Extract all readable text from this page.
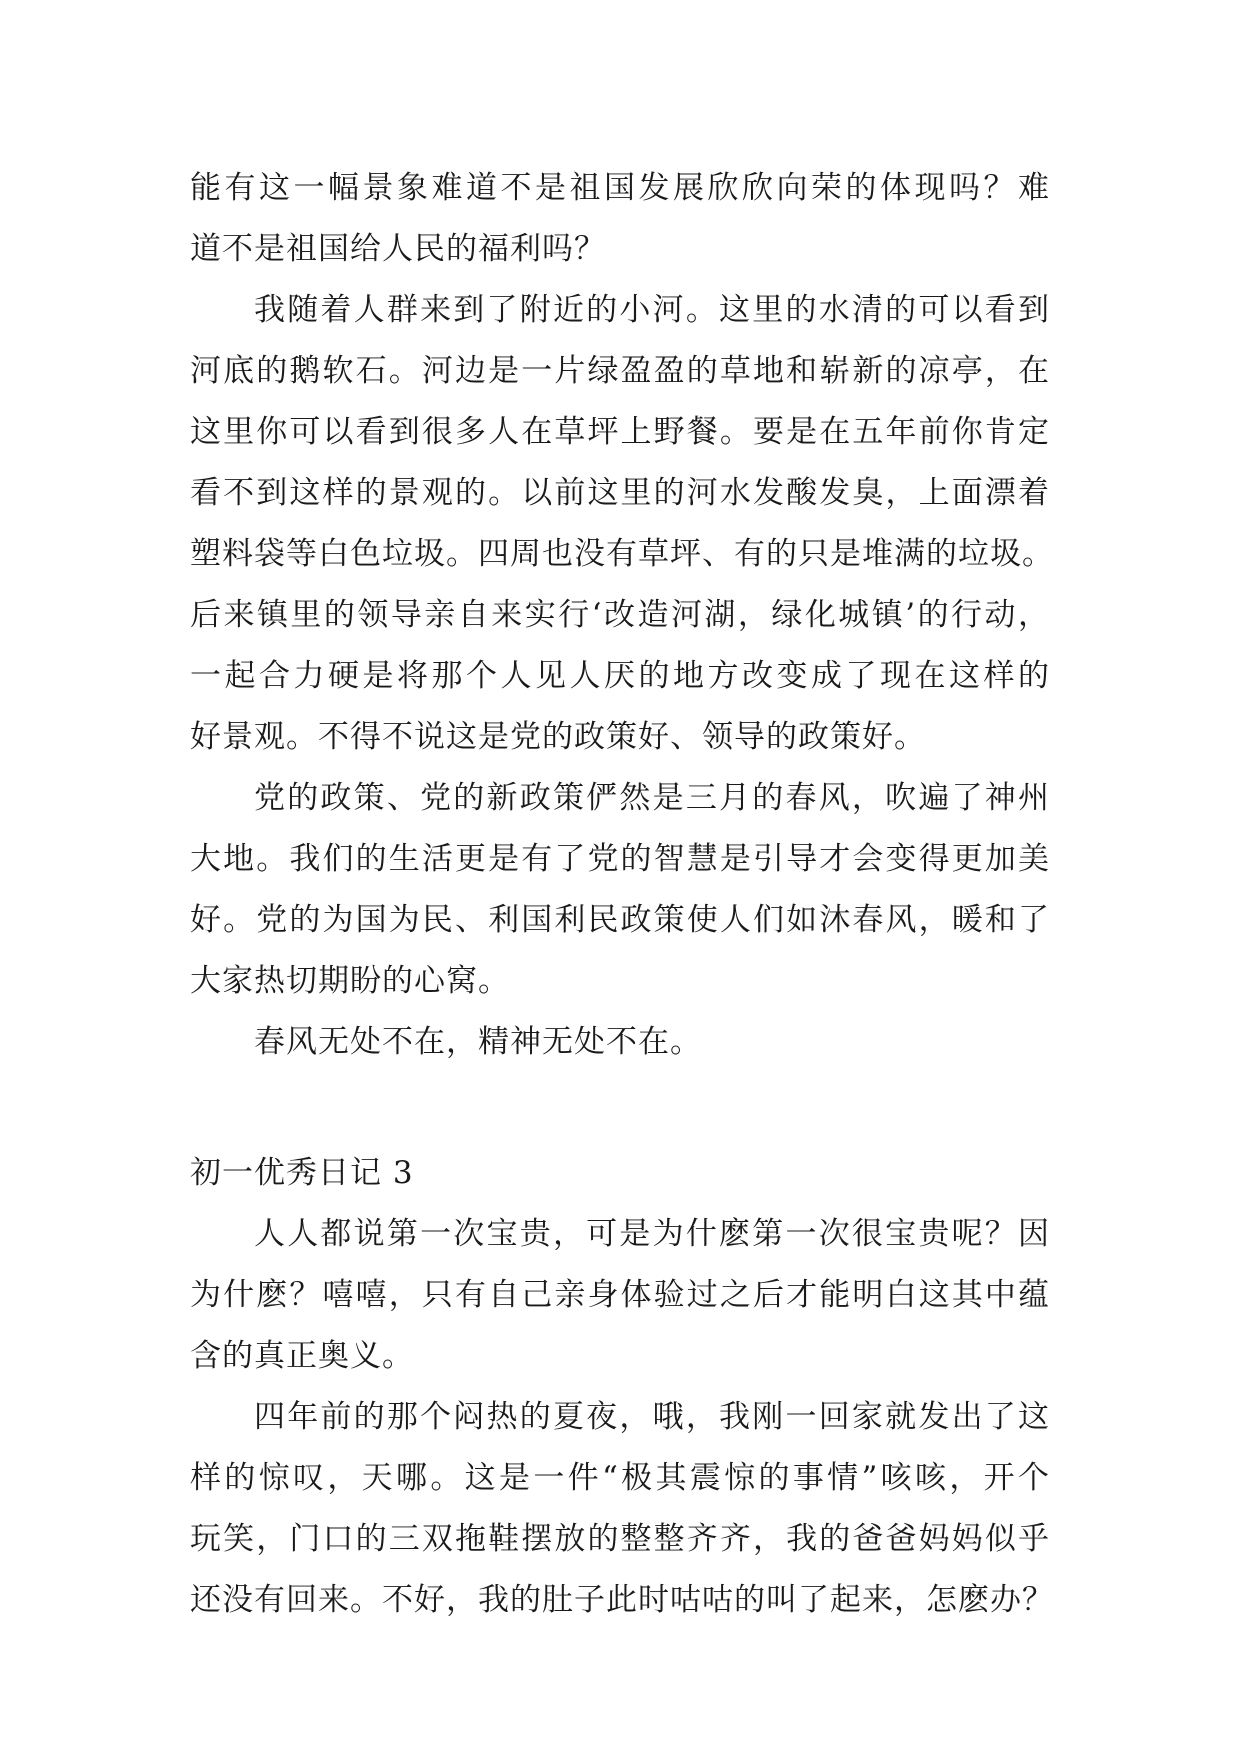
能有这一幅景象难道不是祖国发展欣欣向荣的体现吗？难
道不是祖国给人民的福利吗？
我随着人群来到了附近的小河。这里的水清的可以看到
河底的鹅软石。河边是一片绿盈盈的草地和崭新的凉亭，在
这里你可以看到很多人在草坪上野餐。要是在五年前你肯定
看不到这样的景观的。以前这里的河水发酸发臭，上面漂着
塑料袋等白色垃圾。四周也没有草坪、有的只是堆满的垃圾。
后来镇里的领导亲自来实行‘改造河湖，绿化城镇’的行动，
一起合力硬是将那个人见人厌的地方改变成了现在这样的
好景观。不得不说这是党的政策好、领导的政策好。
党的政策、党的新政策俨然是三月的春风，吹遍了神州
大地。我们的生活更是有了党的智慧是引导才会变得更加美
好。党的为国为民、利国利民政策使人们如沐春风，暖和了
大家热切期盼的心窝。
春风无处不在，精神无处不在。
初一优秀日记 3
人人都说第一次宝贵，可是为什麽第一次很宝贵呢？因
为什麽？嘻嘻，只有自己亲身体验过之后才能明白这其中蕴
含的真正奥义。
四年前的那个闷热的夏夜，哦，我刚一回家就发出了这
样的惊叹，天哪。这是一件“极其震惊的事情”咳咳，开个
玩笑，门口的三双拖鞋摆放的整整齐齐，我的爸爸妈妈似乎
还没有回来。不好，我的肚子此时咕咕的叫了起来，怎麽办？
